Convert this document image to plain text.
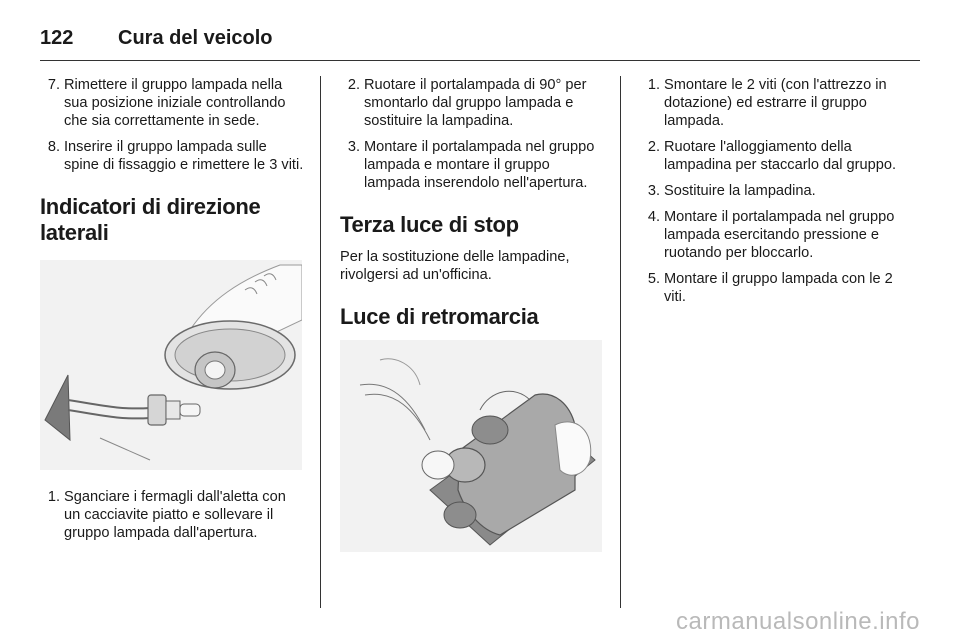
122	Cura del veicolo
7. Rimettere il gruppo lampada nella sua posizione iniziale controllando che sia correttamente in sede.
8. Inserire il gruppo lampada sulle spine di fissaggio e rimettere le 3 viti.
Indicatori di direzione laterali
1. Sganciare i fermagli dall'aletta con un cacciavite piatto e sollevare il gruppo lampada dall'apertura.
2. Ruotare il portalampada di 90° per smontarlo dal gruppo lampada e sostituire la lampadina.
3. Montare il portalampada nel gruppo lampada e montare il gruppo lampada inserendolo nell'apertura.
Terza luce di stop

Per la sostituzione delle lampadine, rivolgersi ad un'officina.

Luce di retromarcia
1. Smontare le 2 viti (con l'attrezzo in dotazione) ed estrarre il gruppo lampada.
2. Ruotare l'alloggiamento della lampadina per staccarlo dal gruppo.
3. Sostituire la lampadina.
4. Montare il portalampada nel gruppo lampada esercitando pressione e ruotando per bloccarlo.
5. Montare il gruppo lampada con le 2 viti.
carmanualsonline.info
